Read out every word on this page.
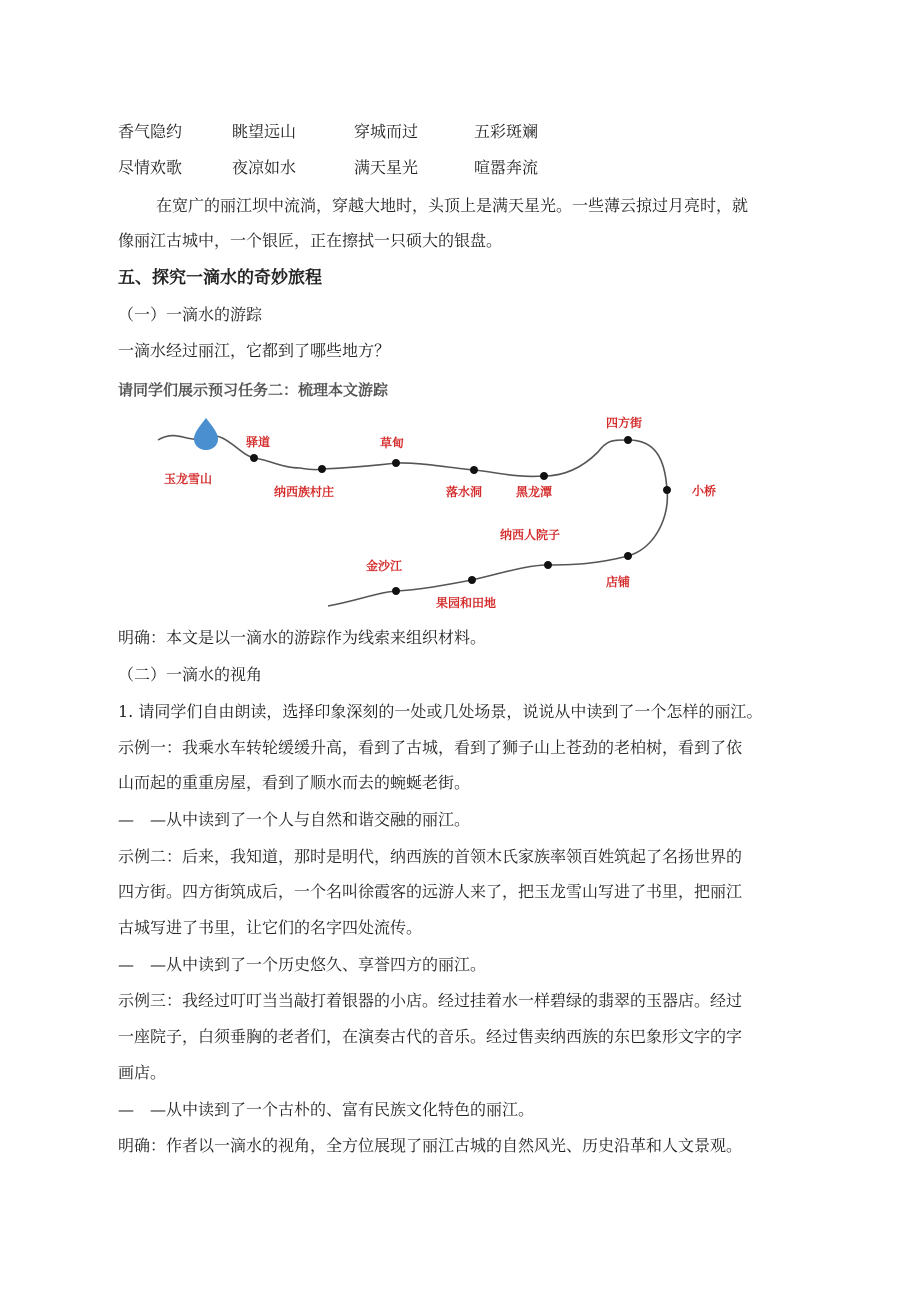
香气隐约	眺望远山	穿城而过	五彩斑斓
尽情欢歌	夜凉如水	满天星光	喧嚣奔流
在宽广的丽江坝中流淌，穿越大地时，头顶上是满天星光。一些薄云掠过月亮时，就
像丽江古城中，一个银匠，正在擦拭一只硕大的银盘。
五、探究一滴水的奇妙旅程
（一）一滴水的游踪
一滴水经过丽江，它都到了哪些地方？
请同学们展示预习任务二：梳理本文游踪
玉龙雪山
驿道
纳西族村庄
草甸
落水洞	黑龙潭
四方街
小桥
店铺
纳西人院子
果园和田地
金沙江
明确：本文是以一滴水的游踪作为线索来组织材料。
（二）一滴水的视角
1. 请同学们自由朗读，选择印象深刻的一处或几处场景，说说从中读到了一个怎样的丽江。
示例一：我乘水车转轮缓缓升高，看到了古城，看到了狮子山上苍劲的老柏树，看到了依
山而起的重重房屋，看到了顺水而去的蜿蜒老街。
—　—从中读到了一个人与自然和谐交融的丽江。
示例二：后来，我知道，那时是明代，纳西族的首领木氏家族率领百姓筑起了名扬世界的
四方街。四方街筑成后，一个名叫徐霞客的远游人来了，把玉龙雪山写进了书里，把丽江
古城写进了书里，让它们的名字四处流传。
—　—从中读到了一个历史悠久、享誉四方的丽江。
示例三：我经过叮叮当当敲打着银器的小店。经过挂着水一样碧绿的翡翠的玉器店。经过
一座院子，白须垂胸的老者们，在演奏古代的音乐。经过售卖纳西族的东巴象形文字的字
画店。
—　—从中读到了一个古朴的、富有民族文化特色的丽江。
明确：作者以一滴水的视角，全方位展现了丽江古城的自然风光、历史沿革和人文景观。
